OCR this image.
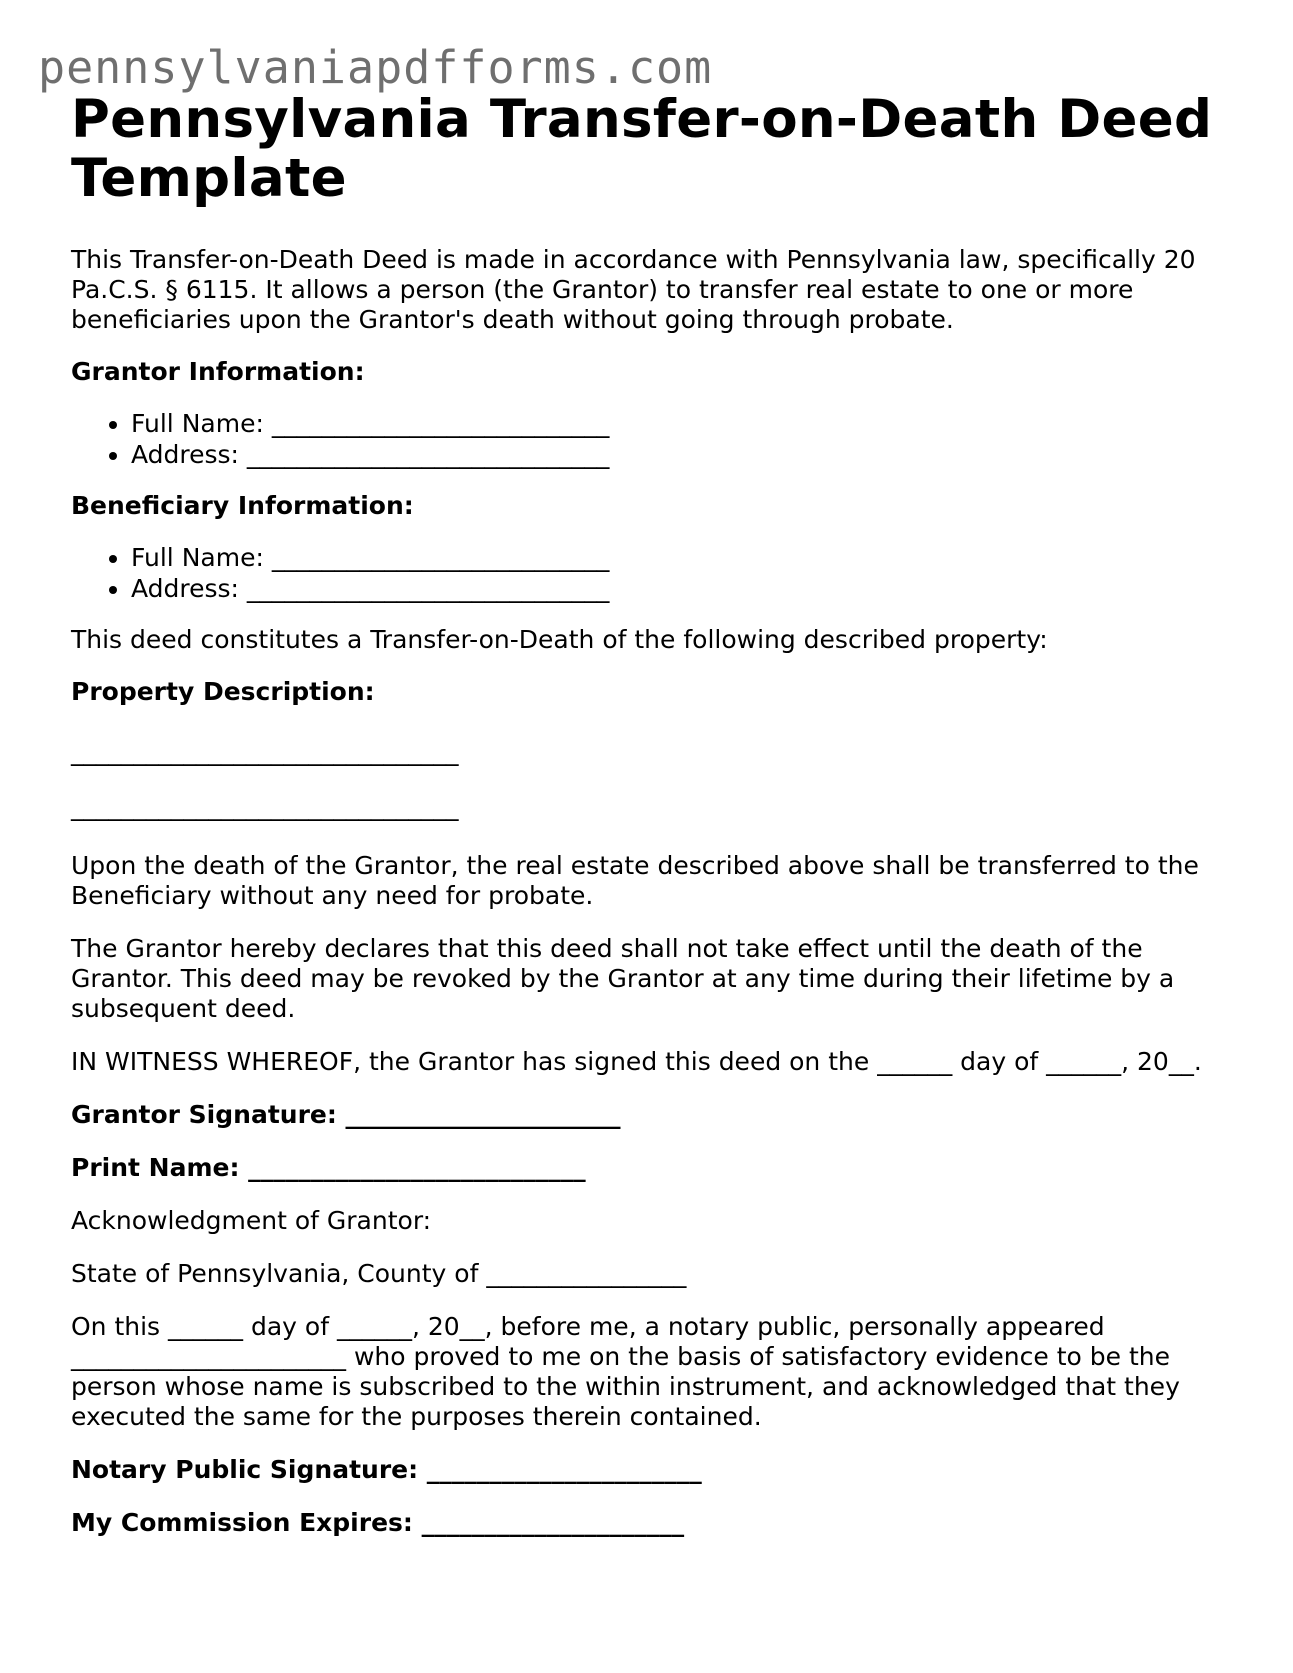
pennsylvaniapdfforms.com
Pennsylvania Transfer-on-Death Deed Template

This Transfer-on-Death Deed is made in accordance with Pennsylvania law, specifically 20 Pa.C.S. § 6115. It allows a person (the Grantor) to transfer real estate to one or more beneficiaries upon the Grantor's death without going through probate.

Grantor Information:

• Full Name: ___________________________
• Address: _____________________________

Beneficiary Information:

• Full Name: ___________________________
• Address: _____________________________

This deed constitutes a Transfer-on-Death of the following described property:

Property Description:

_______________________________

_______________________________

Upon the death of the Grantor, the real estate described above shall be transferred to the Beneficiary without any need for probate.

The Grantor hereby declares that this deed shall not take effect until the death of the Grantor. This deed may be revoked by the Grantor at any time during their lifetime by a subsequent deed.

IN WITNESS WHEREOF, the Grantor has signed this deed on the ______ day of ______, 20__.

Grantor Signature: ______________________

Print Name: ___________________________

Acknowledgment of Grantor:

State of Pennsylvania, County of ________________

On this ______ day of ______, 20__, before me, a notary public, personally appeared ______________________ who proved to me on the basis of satisfactory evidence to be the person whose name is subscribed to the within instrument, and acknowledged that they executed the same for the purposes therein contained.

Notary Public Signature: ______________________

My Commission Expires: _____________________
